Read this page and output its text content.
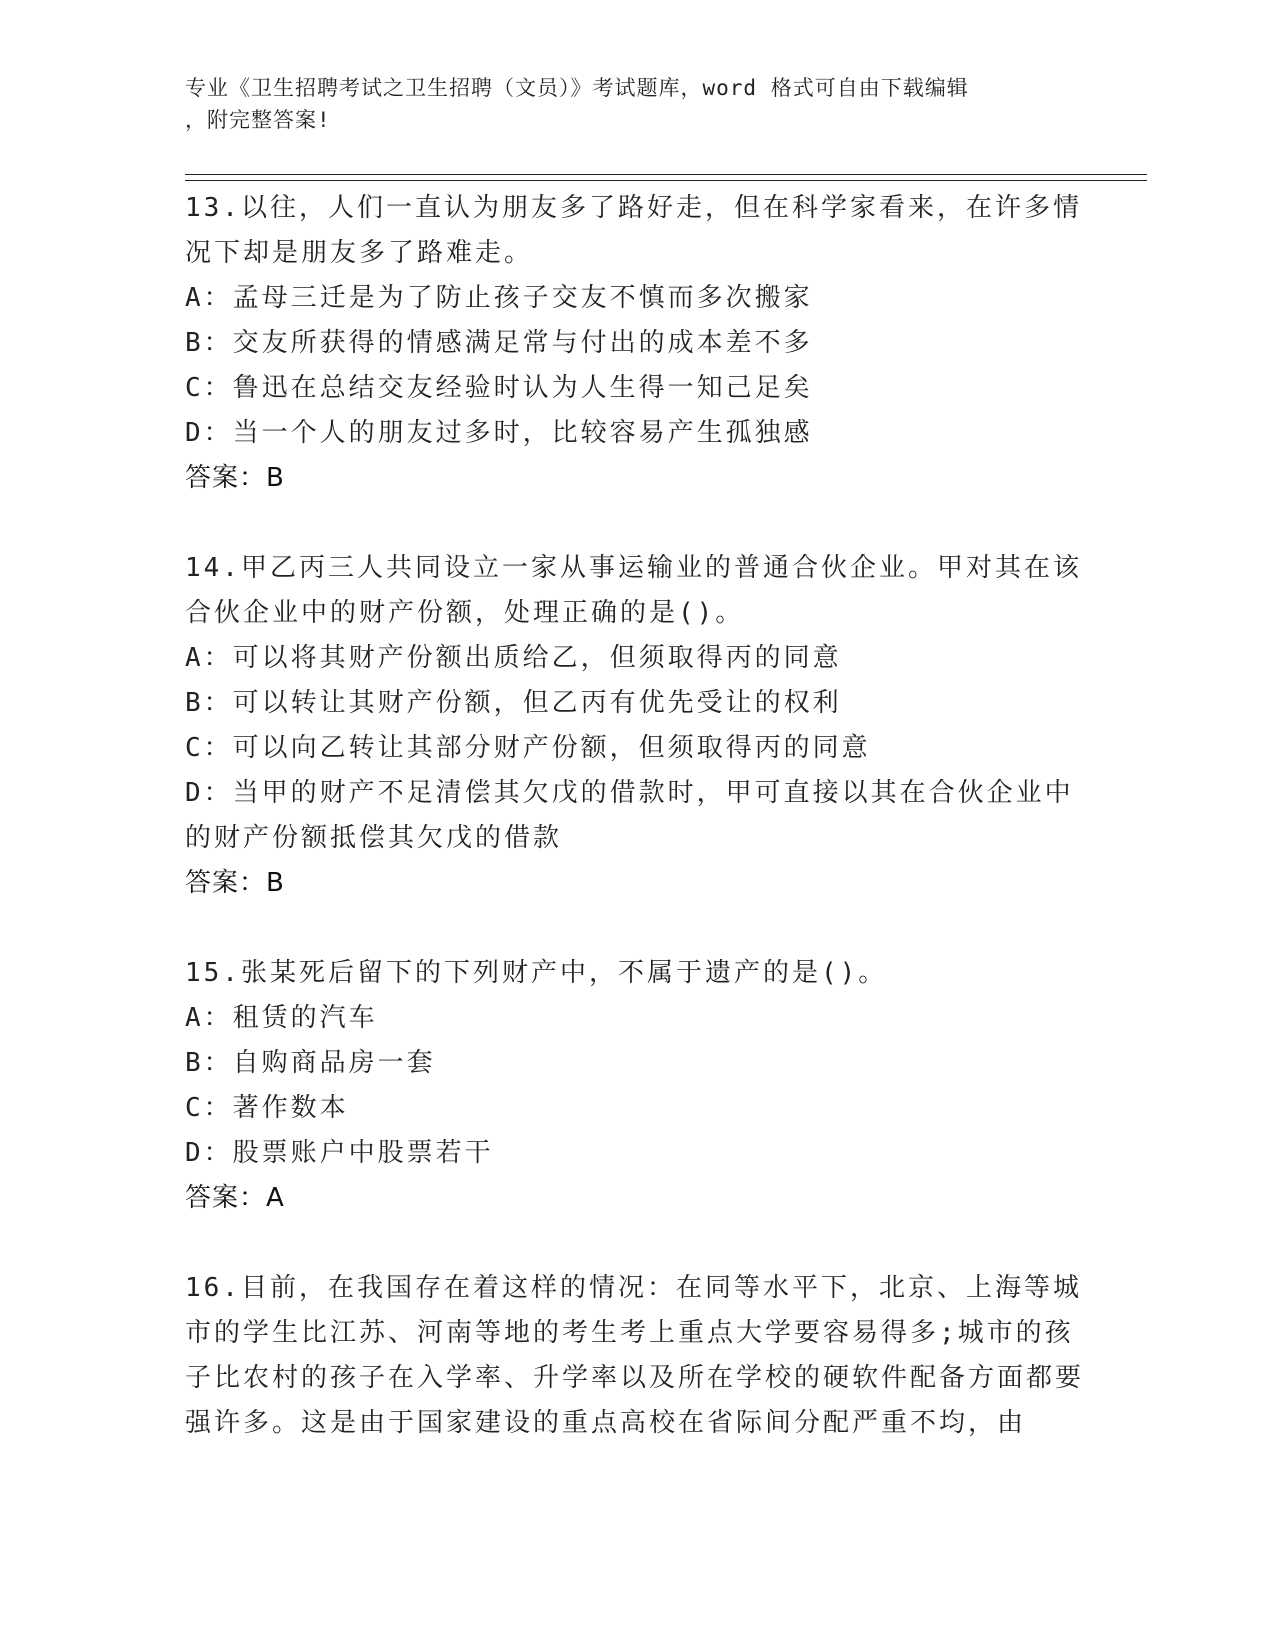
专业《卫生招聘考试之卫生招聘（文员）》考试题库，word 格式可自由下载编辑
，附完整答案!

13.以往，人们一直认为朋友多了路好走，但在科学家看来，在许多情况下却是朋友多了路难走。

A：孟母三迁是为了防止孩子交友不慎而多次搬家

B：交友所获得的情感满足常与付出的成本差不多

C：鲁迅在总结交友经验时认为人生得一知己足矣

D：当一个人的朋友过多时，比较容易产生孤独感

答案：B

14.甲乙丙三人共同设立一家从事运输业的普通合伙企业。甲对其在该合伙企业中的财产份额，处理正确的是()。

A：可以将其财产份额出质给乙，但须取得丙的同意

B：可以转让其财产份额，但乙丙有优先受让的权利

C：可以向乙转让其部分财产份额，但须取得丙的同意

D：当甲的财产不足清偿其欠戊的借款时，甲可直接以其在合伙企业中的财产份额抵偿其欠戊的借款

答案：B

15.张某死后留下的下列财产中，不属于遗产的是()。

A：租赁的汽车

B：自购商品房一套

C：著作数本

D：股票账户中股票若干

答案：A

16.目前，在我国存在着这样的情况：在同等水平下，北京、上海等城市的学生比江苏、河南等地的考生考上重点大学要容易得多;城市的孩子比农村的孩子在入学率、升学率以及所在学校的硬软件配备方面都要强许多。这是由于国家建设的重点高校在省际间分配严重不均，由
